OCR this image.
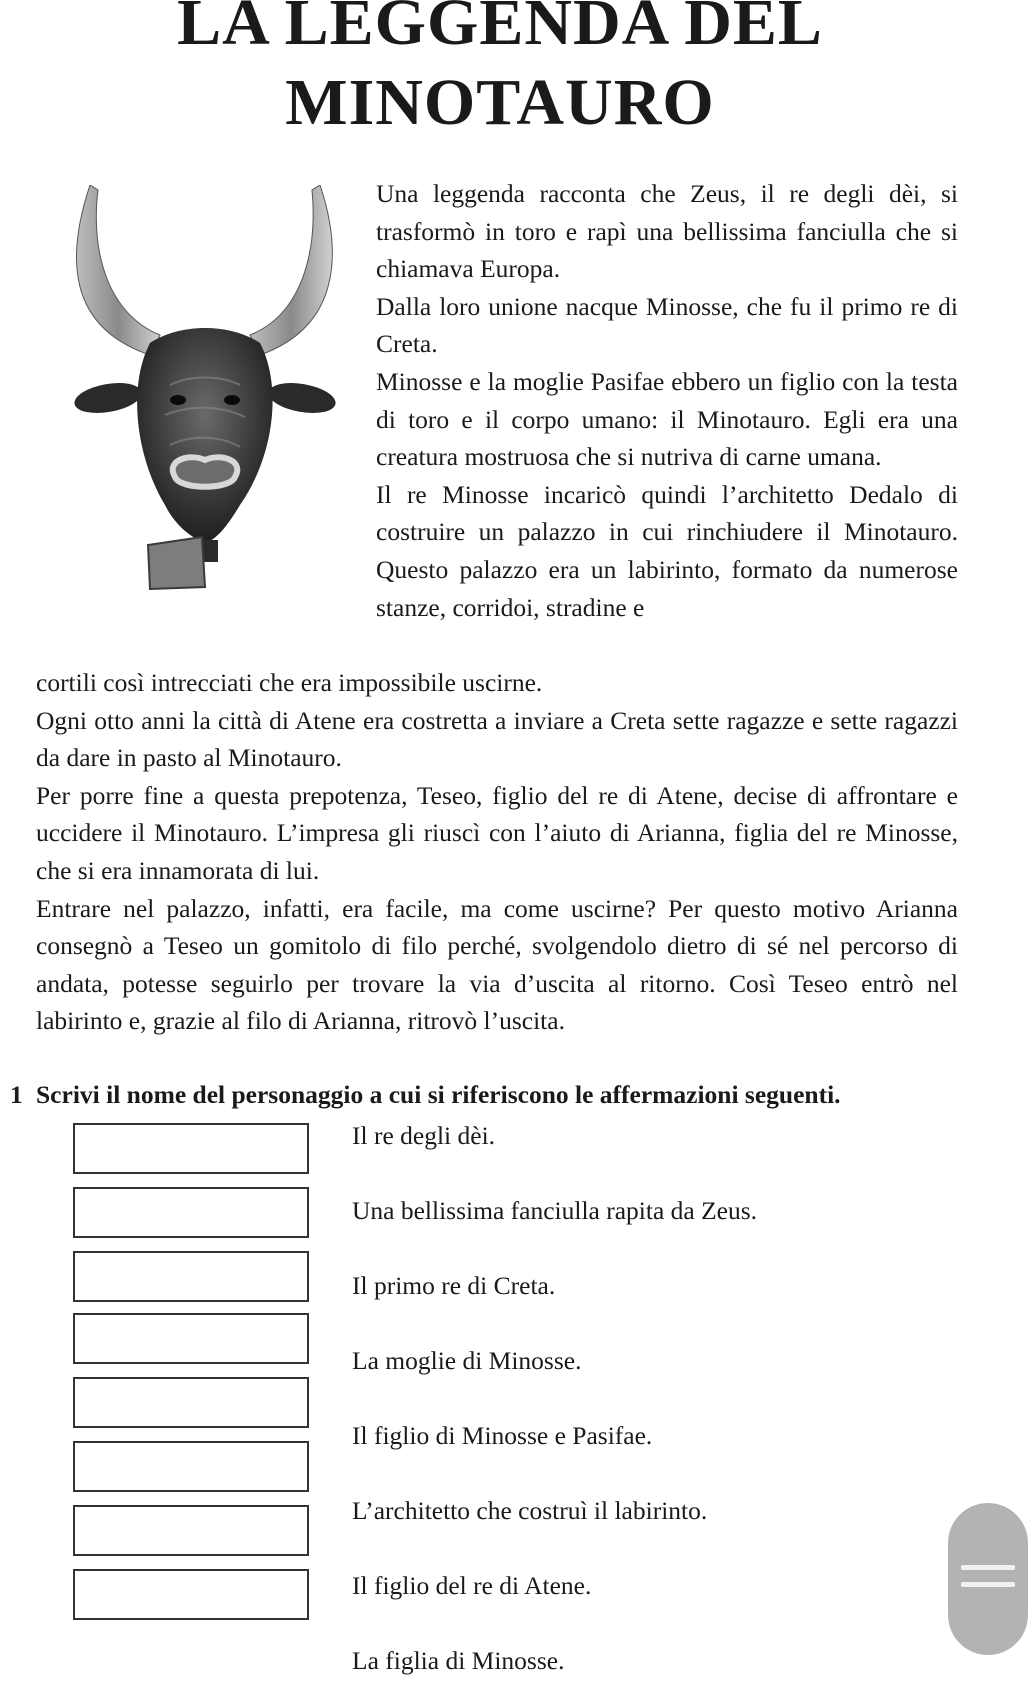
LA LEGGENDA DEL
MINOTAURO

Una leggenda racconta che Zeus, il re degli dèi, si trasformò in toro e rapì una bellissima fanciulla che si chiamava Europa.

Dalla loro unione nacque Minosse, che fu il primo re di Creta.

Minosse e la moglie Pasifae ebbero un figlio con la testa di toro e il corpo umano: il Minotauro. Egli era una creatura mostruosa che si nutriva di carne umana.

Il re Minosse incaricò quindi l’architetto Dedalo di costruire un palazzo in cui rinchiudere il Minotauro. Questo palazzo era un labirinto, formato da numerose stanze, corridoi, stradine e

cortili così intrecciati che era impossibile uscirne.

Ogni otto anni la città di Atene era costretta a inviare a Creta sette ragazze e sette ragazzi da dare in pasto al Minotauro.

Per porre fine a questa prepotenza, Teseo, figlio del re di Atene, decise di affrontare e uccidere il Minotauro. L’impresa gli riuscì con l’aiuto di Arianna, figlia del re Minosse, che si era innamorata di lui.

Entrare nel palazzo, infatti, era facile, ma come uscirne? Per questo motivo Arianna consegnò a Teseo un gomitolo di filo perché, svolgendolo dietro di sé nel percorso di andata, potesse seguirlo per trovare la via d’uscita al ritorno. Così Teseo entrò nel labirinto e, grazie al filo di Arianna, ritrovò l’uscita.

1 Scrivi il nome del personaggio a cui si riferiscono le affermazioni seguenti.
Il re degli dèi.
Una bellissima fanciulla rapita da Zeus.
Il primo re di Creta.
La moglie di Minosse.
Il figlio di Minosse e Pasifae.
L’architetto che costruì il labirinto.
Il figlio del re di Atene.
La figlia di Minosse.
